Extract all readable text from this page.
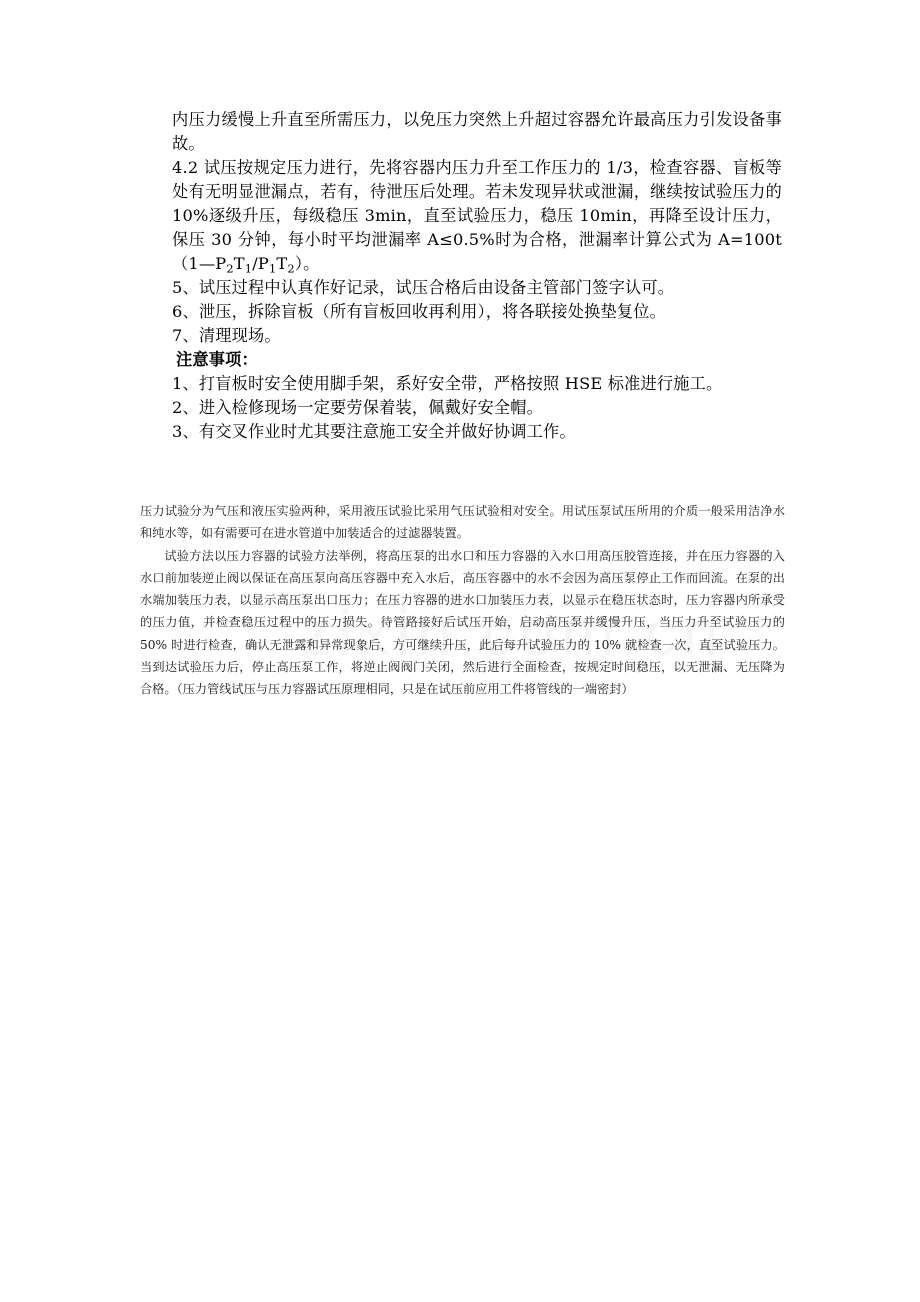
内压力缓慢上升直至所需压力，以免压力突然上升超过容器允许最高压力引发设备事故。

4.2 试压按规定压力进行，先将容器内压力升至工作压力的 1/3，检查容器、盲板等处有无明显泄漏点，若有，待泄压后处理。若未发现异状或泄漏，继续按试验压力的 10%逐级升压，每级稳压 3min，直至试验压力，稳压 10min，再降至设计压力，保压 30 分钟，每小时平均泄漏率 A≤0.5%时为合格，泄漏率计算公式为 $A=100t(1—P_2T_1/P_1T_2)$。

5、试压过程中认真作好记录，试压合格后由设备主管部门签字认可。

6、泄压，拆除盲板（所有盲板回收再利用），将各联接处换垫复位。

7、清理现场。

注意事项：

1、打盲板时安全使用脚手架，系好安全带，严格按照 HSE 标准进行施工。

2、进入检修现场一定要劳保着装，佩戴好安全帽。

3、有交叉作业时尤其要注意施工安全并做好协调工作。

压力试验分为气压和液压实验两种，采用液压试验比采用气压试验相对安全。用试压泵试压所用的介质一般采用洁净水和纯水等，如有需要可在进水管道中加装适合的过滤器装置。

试验方法以压力容器的试验方法举例，将高压泵的出水口和压力容器的入水口用高压胶管连接，并在压力容器的入水口前加装逆止阀以保证在高压泵向高压容器中充入水后，高压容器中的水不会因为高压泵停止工作而回流。在泵的出水端加装压力表，以显示高压泵出口压力；在压力容器的进水口加装压力表，以显示在稳压状态时，压力容器内所承受的压力值，并检查稳压过程中的压力损失。待管路接好后试压开始，启动高压泵并缓慢升压，当压力升至试验压力的 50% 时进行检查，确认无泄露和异常现象后，方可继续升压，此后每升试验压力的 10% 就检查一次，直至试验压力。当到达试验压力后，停止高压泵工作，将逆止阀阀门关闭，然后进行全面检查，按规定时间稳压，以无泄漏、无压降为合格。（压力管线试压与压力容器试压原理相同，只是在试压前应用工件将管线的一端密封）
